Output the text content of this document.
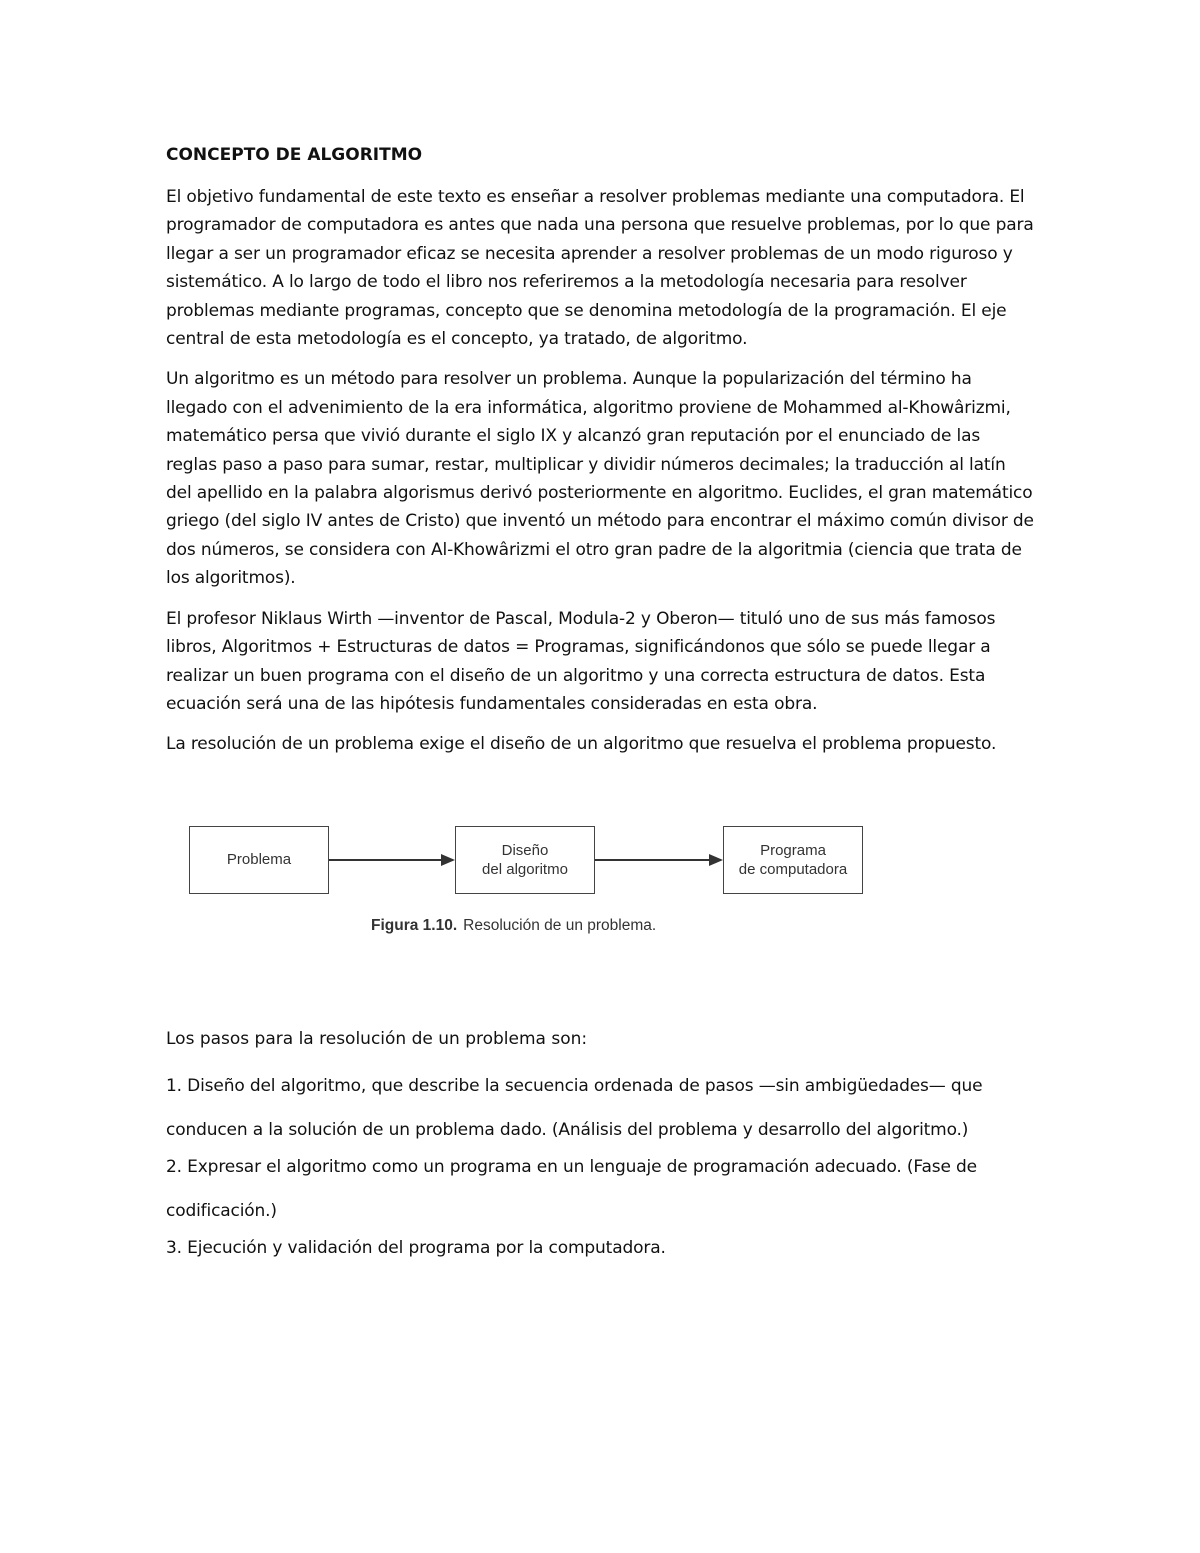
CONCEPTO DE ALGORITMO

El objetivo fundamental de este texto es enseñar a resolver problemas mediante una computadora. El programador de computadora es antes que nada una persona que resuelve problemas, por lo que para llegar a ser un programador eficaz se necesita aprender a resolver problemas de un modo riguroso y sistemático. A lo largo de todo el libro nos referiremos a la metodología necesaria para resolver problemas mediante programas, concepto que se denomina metodología de la programación. El eje central de esta metodología es el concepto, ya tratado, de algoritmo.

Un algoritmo es un método para resolver un problema. Aunque la popularización del término ha llegado con el advenimiento de la era informática, algoritmo proviene de Mohammed al-Khowârizmi, matemático persa que vivió durante el siglo IX y alcanzó gran reputación por el enunciado de las reglas paso a paso para sumar, restar, multiplicar y dividir números decimales; la traducción al latín del apellido en la palabra algorismus derivó posteriormente en algoritmo. Euclides, el gran matemático griego (del siglo IV antes de Cristo) que inventó un método para encontrar el máximo común divisor de dos números, se considera con Al-Khowârizmi el otro gran padre de la algoritmia (ciencia que trata de los algoritmos).

El profesor Niklaus Wirth —inventor de Pascal, Modula-2 y Oberon— tituló uno de sus más famosos libros, Algoritmos + Estructuras de datos = Programas, significándonos que sólo se puede llegar a realizar un buen programa con el diseño de un algoritmo y una correcta estructura de datos. Esta ecuación será una de las hipótesis fundamentales consideradas en esta obra.

La resolución de un problema exige el diseño de un algoritmo que resuelva el problema propuesto.

Problema
Diseño
del algoritmo
Programa
de computadora
Figura 1.10. Resolución de un problema.

Los pasos para la resolución de un problema son:

1. Diseño del algoritmo, que describe la secuencia ordenada de pasos —sin ambigüedades— que conducen a la solución de un problema dado. (Análisis del problema y desarrollo del algoritmo.)

2. Expresar el algoritmo como un programa en un lenguaje de programación adecuado. (Fase de codificación.)

3. Ejecución y validación del programa por la computadora.
